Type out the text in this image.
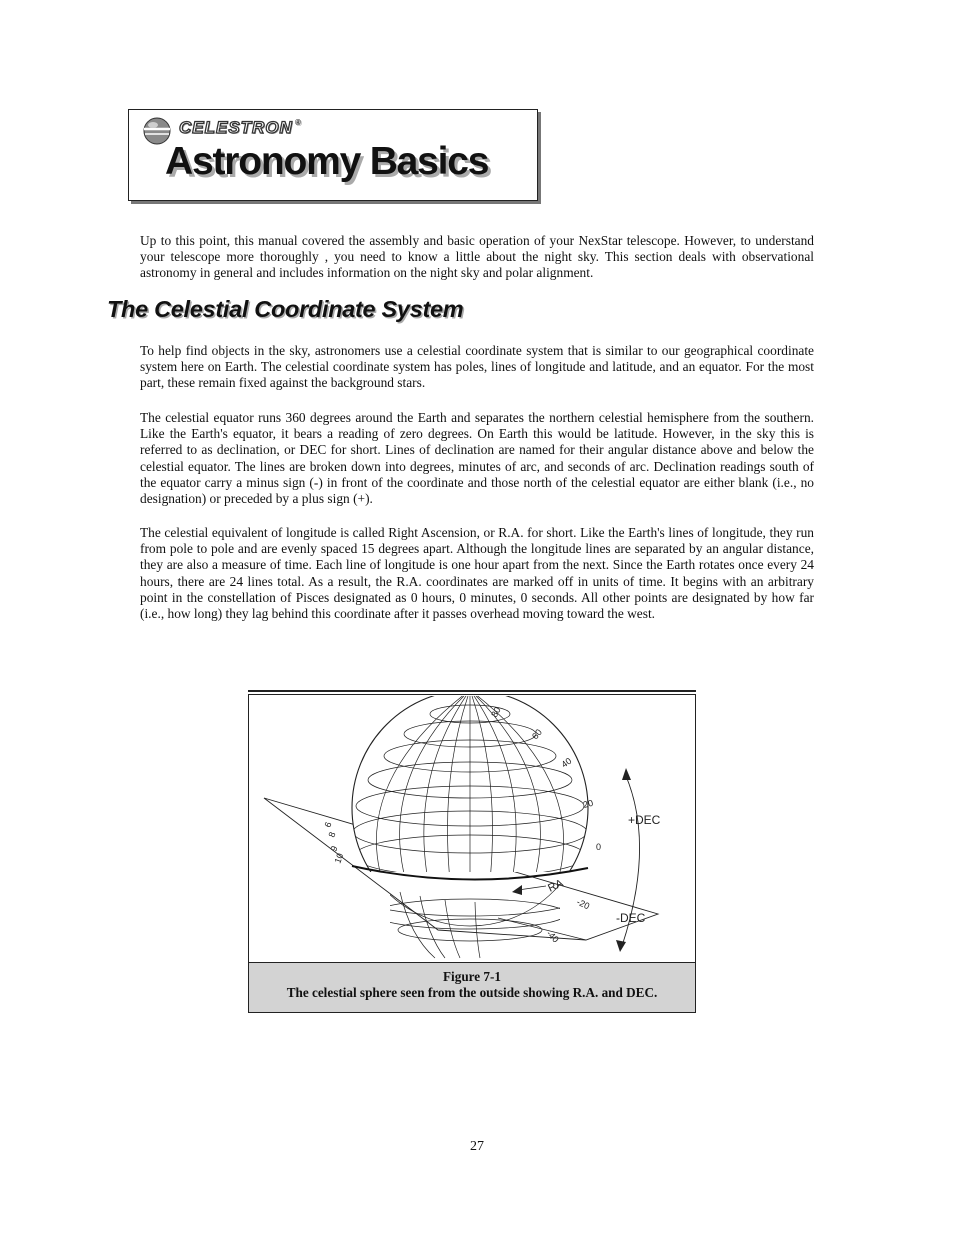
CELESTRON ®
Astronomy Basics

Up to this point, this manual covered the assembly and basic operation of your NexStar telescope. However, to understand your telescope more thoroughly , you need to know a little about the night sky. This section deals with observational astronomy in general and includes information on the night sky and polar alignment.

The Celestial Coordinate System

To help find objects in the sky, astronomers use a celestial coordinate system that is similar to our geographical coordinate system here on Earth. The celestial coordinate system has poles, lines of longitude and latitude, and an equator. For the most part, these remain fixed against the background stars.

The celestial equator runs 360 degrees around the Earth and separates the northern celestial hemisphere from the southern. Like the Earth's equator, it bears a reading of zero degrees. On Earth this would be latitude. However, in the sky this is referred to as declination, or DEC for short. Lines of declination are named for their angular distance above and below the celestial equator. The lines are broken down into degrees, minutes of arc, and seconds of arc. Declination readings south of the equator carry a minus sign (-) in front of the coordinate and those north of the celestial equator are either blank (i.e., no designation) or preceded by a plus sign (+).

The celestial equivalent of longitude is called Right Ascension, or R.A. for short. Like the Earth's lines of longitude, they run from pole to pole and are evenly spaced 15 degrees apart. Although the longitude lines are separated by an angular distance, they are also a measure of time. Each line of longitude is one hour apart from the next. Since the Earth rotates once every 24 hours, there are 24 lines total. As a result, the R.A. coordinates are marked off in units of time. It begins with an arbitrary point in the constellation of Pisces designated as 0 hours, 0 minutes, 0 seconds. All other points are designated by how far (i.e., how long) they lag behind this coordinate after it passes overhead moving toward the west.

+DEC
-DEC
80
60
40
20
0
-20
-40
6
8
9
10
RA
Figure 7-1
The celestial sphere seen from the outside showing R.A. and DEC.
27
